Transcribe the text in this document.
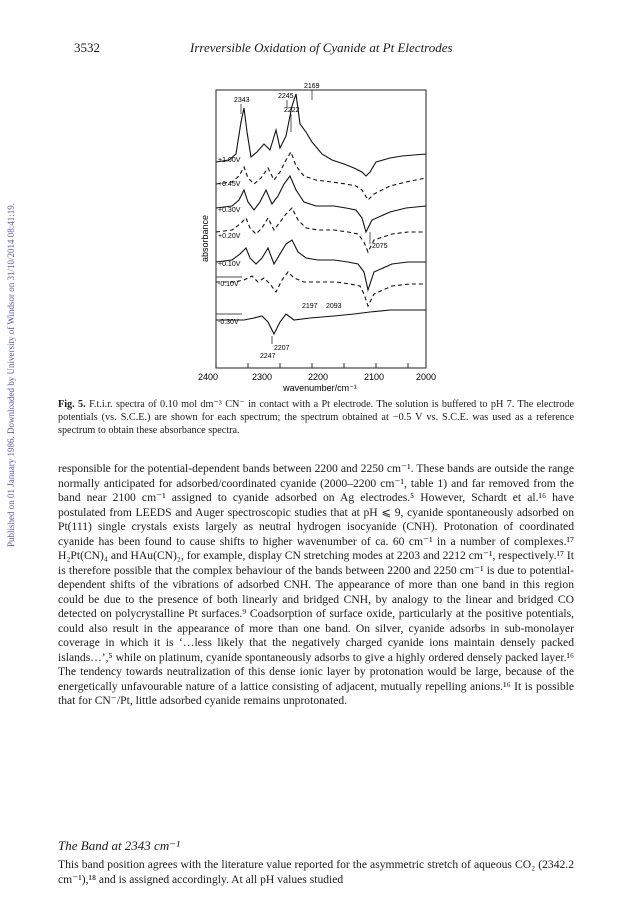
Published on 01 January 1986. Downloaded by University of Windsor on 31/10/2014 08:41:19.
3532	Irreversible Oxidation of Cyanide at Pt Electrodes
absorbance
+1.00V
+0.45V
+0.30V
+0.20V
+0.10V
-0.10V
-0.30V
2343
2245
2222
2169
2075
2197 2093
2207
2247
2400	2300	2200	2100	2000
wavenumber/cm⁻¹
Fig. 5. F.t.i.r. spectra of 0.10 mol dm⁻³ CN⁻ in contact with a Pt electrode. The solution is buffered to pH 7. The electrode potentials (vs. S.C.E.) are shown for each spectrum; the spectrum obtained at −0.5 V vs. S.C.E. was used as a reference spectrum to obtain these absorbance spectra.
responsible for the potential-dependent bands between 2200 and 2250 cm⁻¹. These bands are outside the range normally anticipated for adsorbed/coordinated cyanide (2000–2200 cm⁻¹, table 1) and far removed from the band near 2100 cm⁻¹ assigned to cyanide adsorbed on Ag electrodes.⁵ However, Schardt et al.¹⁶ have postulated from LEEDS and Auger spectroscopic studies that at pH ⩽ 9, cyanide spontaneously adsorbed on Pt(111) single crystals exists largely as neutral hydrogen isocyanide (CNH). Protonation of coordinated cyanide has been found to cause shifts to higher wavenumber of ca. 60 cm⁻¹ in a number of complexes.¹⁷ H₂Pt(CN)₄ and HAu(CN)₂, for example, display CN stretching modes at 2203 and 2212 cm⁻¹, respectively.¹⁷ It is therefore possible that the complex behaviour of the bands between 2200 and 2250 cm⁻¹ is due to potential-dependent shifts of the vibrations of adsorbed CNH. The appearance of more than one band in this region could be due to the presence of both linearly and bridged CNH, by analogy to the linear and bridged CO detected on polycrystalline Pt surfaces.⁹ Coadsorption of surface oxide, particularly at the positive potentials, could also result in the appearance of more than one band. On silver, cyanide adsorbs in sub-monolayer coverage in which it is ‘…less likely that the negatively charged cyanide ions maintain densely packed islands…’,⁵ while on platinum, cyanide spontaneously adsorbs to give a highly ordered densely packed layer.¹⁶ The tendency towards neutralization of this dense ionic layer by protonation would be large, because of the energetically unfavourable nature of a lattice consisting of adjacent, mutually repelling anions.¹⁶ It is possible that for CN⁻/Pt, little adsorbed cyanide remains unprotonated.
The Band at 2343 cm⁻¹
This band position agrees with the literature value reported for the asymmetric stretch of aqueous CO₂ (2342.2 cm⁻¹),¹⁸ and is assigned accordingly. At all pH values studied
